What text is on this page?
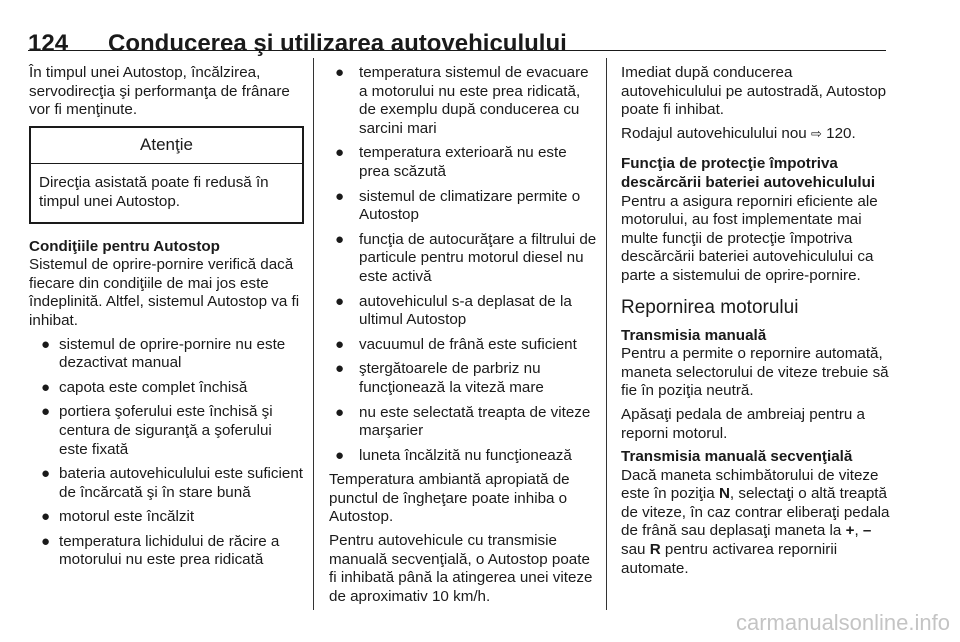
124 Conducerea şi utilizarea autovehiculului

În timpul unei Autostop, încălzirea, servodirecţia şi performanţa de frânare vor fi menţinute.

Atenţie
Direcţia asistată poate fi redusă în timpul unei Autostop.

Condiţiile pentru Autostop

Sistemul de oprire-pornire verifică dacă fiecare din condiţiile de mai jos este îndeplinită. Altfel, sistemul Autostop va fi inhibat.

● sistemul de oprire-pornire nu este dezactivat manual
● capota este complet închisă
● portiera şoferului este închisă şi centura de siguranţă a şoferului este fixată
● bateria autovehiculului este suficient de încărcată şi în stare bună
● motorul este încălzit
● temperatura lichidului de răcire a motorului nu este prea ridicată
● temperatura sistemul de evacuare a motorului nu este prea ridicată, de exemplu după conducerea cu sarcini mari
● temperatura exterioară nu este prea scăzută
● sistemul de climatizare permite o Autostop
● funcţia de autocurăţare a filtrului de particule pentru motorul diesel nu este activă
● autovehiculul s-a deplasat de la ultimul Autostop
● vacuumul de frână este suficient
● ştergătoarele de parbriz nu funcţionează la viteză mare
● nu este selectată treapta de viteze marşarier
● luneta încălzită nu funcţionează

Temperatura ambiantă apropiată de punctul de îngheţare poate inhiba o Autostop.

Pentru autovehicule cu transmisie manuală secvenţială, o Autostop poate fi inhibată până la atingerea unei viteze de aproximativ 10 km/h.

Imediat după conducerea autovehiculului pe autostradă, Autostop poate fi inhibat.

Rodajul autovehiculului nou ⇨ 120.

Funcţia de protecţie împotriva descărcării bateriei autovehiculului

Pentru a asigura reporniri eficiente ale motorului, au fost implementate mai multe funcţii de protecţie împotriva descărcării bateriei autovehiculului ca parte a sistemului de oprire-pornire.

Repornirea motorului

Transmisia manuală

Pentru a permite o repornire automată, maneta selectorului de viteze trebuie să fie în poziţia neutră.

Apăsaţi pedala de ambreiaj pentru a reporni motorul.

Transmisia manuală secvenţială

Dacă maneta schimbătorului de viteze este în poziţia N, selectaţi o altă treaptă de viteze, în caz contrar eliberaţi pedala de frână sau deplasaţi maneta la +, – sau R pentru activarea repornirii automate.

carmanualsonline.info
